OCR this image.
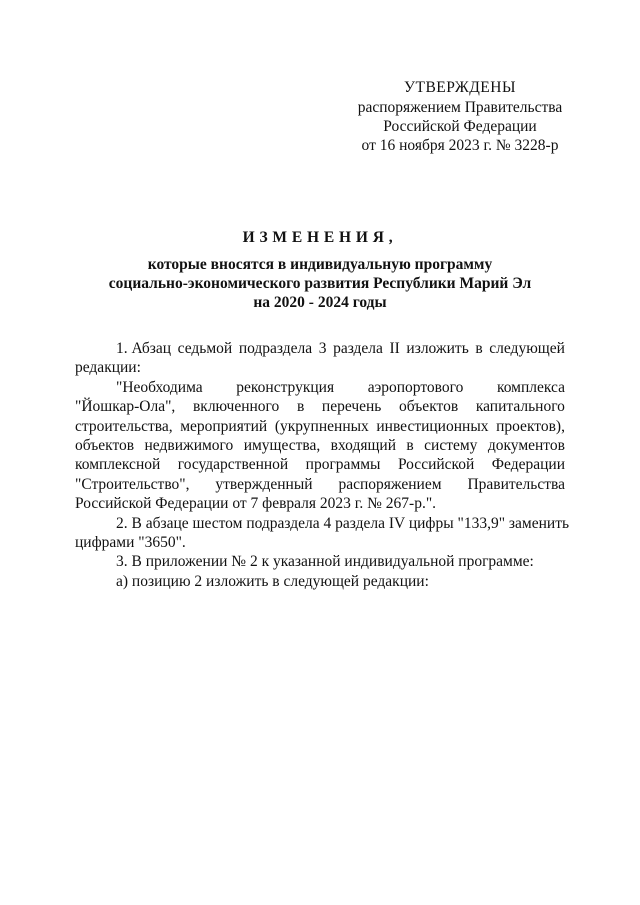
УТВЕРЖДЕНЫ
распоряжением Правительства
Российской Федерации
от 16 ноября 2023 г. № 3228-р
ИЗМЕНЕНИЯ,
которые вносятся в индивидуальную программу
социально-экономического развития Республики Марий Эл
на 2020 - 2024 годы
1. Абзац седьмой подраздела 3 раздела II изложить в следующей
редакции:
"Необходима реконструкция аэропортового комплекса
"Йошкар-Ола", включенного в перечень объектов капитального
строительства, мероприятий (укрупненных инвестиционных проектов),
объектов недвижимого имущества, входящий в систему документов
комплексной государственной программы Российской Федерации
"Строительство", утвержденный распоряжением Правительства
Российской Федерации от 7 февраля 2023 г. № 267-р.".
2. В абзаце шестом подраздела 4 раздела IV цифры "133,9" заменить
цифрами "3650".
3. В приложении № 2 к указанной индивидуальной программе:
а) позицию 2 изложить в следующей редакции:
